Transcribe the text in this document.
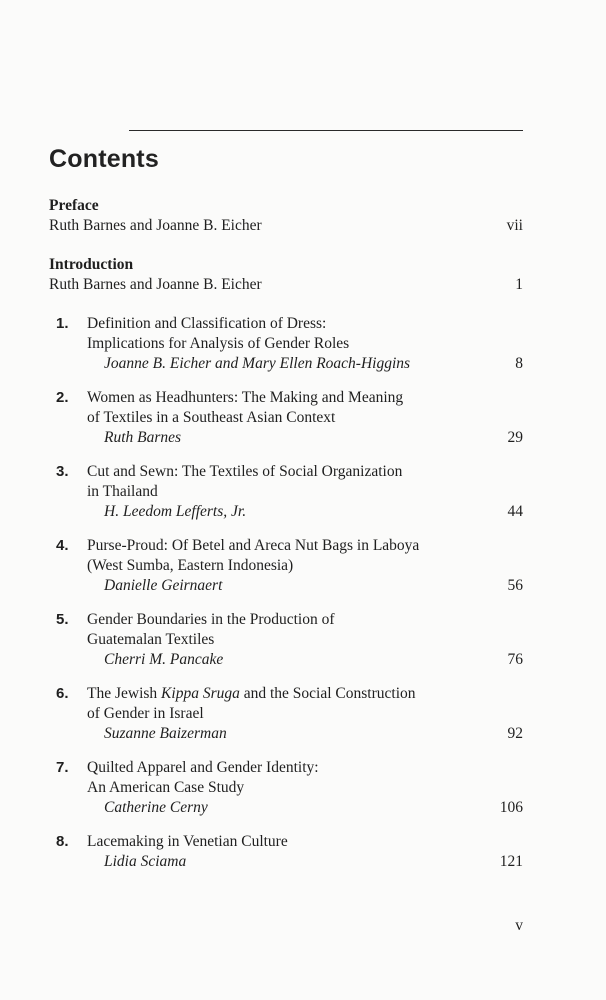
Contents
Preface
Ruth Barnes and Joanne B. Eicher	vii
Introduction
Ruth Barnes and Joanne B. Eicher	1
1. Definition and Classification of Dress:
Implications for Analysis of Gender Roles
Joanne B. Eicher and Mary Ellen Roach-Higgins	8
2. Women as Headhunters: The Making and Meaning
of Textiles in a Southeast Asian Context
Ruth Barnes	29
3. Cut and Sewn: The Textiles of Social Organization
in Thailand
H. Leedom Lefferts, Jr.	44
4. Purse-Proud: Of Betel and Areca Nut Bags in Laboya
(West Sumba, Eastern Indonesia)
Danielle Geirnaert	56
5. Gender Boundaries in the Production of
Guatemalan Textiles
Cherri M. Pancake	76
6. The Jewish Kippa Sruga and the Social Construction
of Gender in Israel
Suzanne Baizerman	92
7. Quilted Apparel and Gender Identity:
An American Case Study
Catherine Cerny	106
8. Lacemaking in Venetian Culture
Lidia Sciama	121
v
